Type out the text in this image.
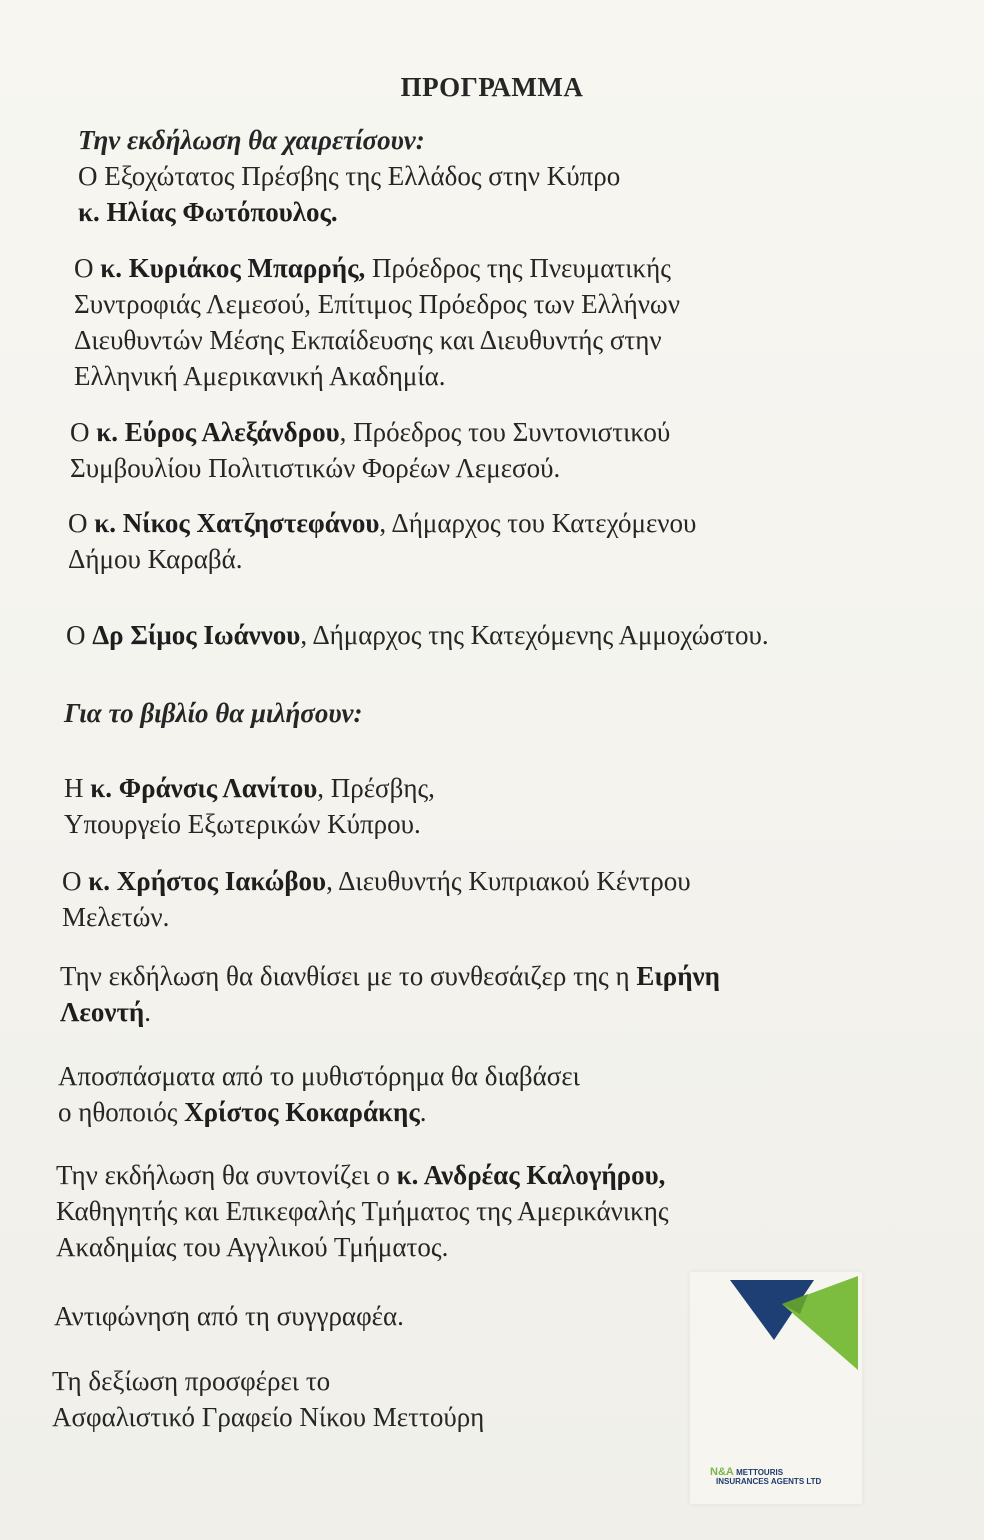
ΠΡΟΓΡΑΜΜΑ
Την εκδήλωση θα χαιρετίσουν:
Ο Εξοχώτατος Πρέσβης της Ελλάδος στην Κύπρο
κ. Ηλίας Φωτόπουλος.
Ο κ. Κυριάκος Μπαρρής, Πρόεδρος της Πνευματικής
Συντροφιάς Λεμεσού, Επίτιμος Πρόεδρος των Ελλήνων
Διευθυντών Μέσης Εκπαίδευσης και Διευθυντής στην
Ελληνική Αμερικανική Ακαδημία.
Ο κ. Εύρος Αλεξάνδρου, Πρόεδρος του Συντονιστικού
Συμβουλίου Πολιτιστικών Φορέων Λεμεσού.
Ο κ. Νίκος Χατζηστεφάνου, Δήμαρχος του Κατεχόμενου
Δήμου Καραβά.
Ο Δρ Σίμος Ιωάννου, Δήμαρχος της Κατεχόμενης Αμμοχώστου.
Για το βιβλίο θα μιλήσουν:
Η κ. Φράνσις Λανίτου, Πρέσβης,
Υπουργείο Εξωτερικών Κύπρου.
Ο κ. Χρήστος Ιακώβου, Διευθυντής Κυπριακού Κέντρου
Μελετών.
Την εκδήλωση θα διανθίσει με το συνθεσάιζερ της η Ειρήνη
Λεοντή.
Αποσπάσματα από το μυθιστόρημα θα διαβάσει
ο ηθοποιός Χρίστος Κοκαράκης.
Την εκδήλωση θα συντονίζει ο κ. Ανδρέας Καλογήρου,
Καθηγητής και Επικεφαλής Τμήματος της Αμερικάνικης
Ακαδημίας του Αγγλικού Τμήματος.
Αντιφώνηση από τη συγγραφέα.
Τη δεξίωση προσφέρει το
Ασφαλιστικό Γραφείο Νίκου Μεττούρη
N&A METTOURIS
INSURANCES AGENTS LTD
